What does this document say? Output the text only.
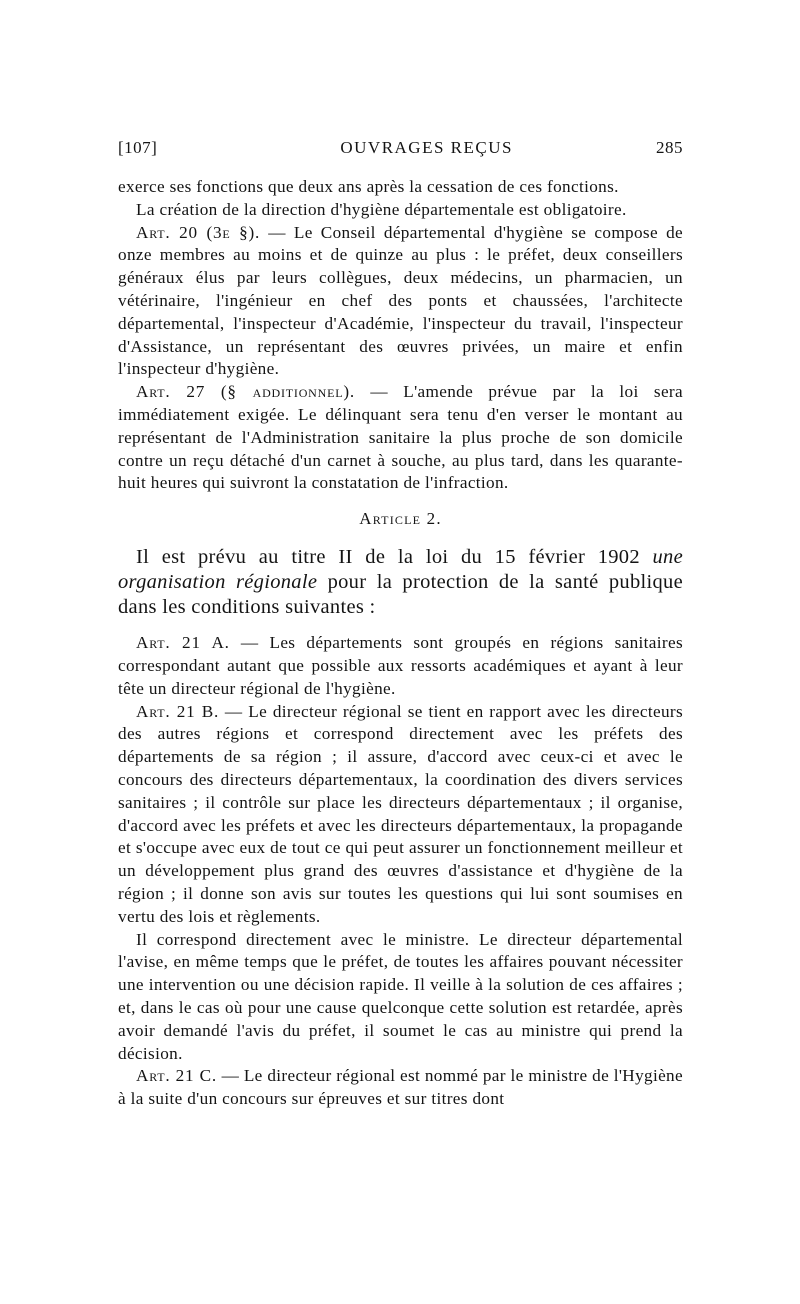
[107]	OUVRAGES REÇUS	285

exerce ses fonctions que deux ans après la cessation de ces fonctions.

La création de la direction d'hygiène départementale est obligatoire.

Art. 20 (3e §). — Le Conseil départemental d'hygiène se compose de onze membres au moins et de quinze au plus : le préfet, deux conseillers généraux élus par leurs collègues, deux médecins, un pharmacien, un vétérinaire, l'ingénieur en chef des ponts et chaussées, l'architecte départemental, l'inspecteur d'Académie, l'inspecteur du travail, l'inspecteur d'Assistance, un représentant des œuvres privées, un maire et enfin l'inspecteur d'hygiène.

Art. 27 (§ additionnel). — L'amende prévue par la loi sera immédiatement exigée. Le délinquant sera tenu d'en verser le montant au représentant de l'Administration sanitaire la plus proche de son domicile contre un reçu détaché d'un carnet à souche, au plus tard, dans les quarante-huit heures qui suivront la constatation de l'infraction.

Article 2.

Il est prévu au titre II de la loi du 15 février 1902 une organisation régionale pour la protection de la santé publique dans les conditions suivantes :

Art. 21 A. — Les départements sont groupés en régions sanitaires correspondant autant que possible aux ressorts académiques et ayant à leur tête un directeur régional de l'hygiène.

Art. 21 B. — Le directeur régional se tient en rapport avec les directeurs des autres régions et correspond directement avec les préfets des départements de sa région ; il assure, d'accord avec ceux-ci et avec le concours des directeurs départementaux, la coordination des divers services sanitaires ; il contrôle sur place les directeurs départementaux ; il organise, d'accord avec les préfets et avec les directeurs départementaux, la propagande et s'occupe avec eux de tout ce qui peut assurer un fonctionnement meilleur et un développement plus grand des œuvres d'assistance et d'hygiène de la région ; il donne son avis sur toutes les questions qui lui sont soumises en vertu des lois et règlements.

Il correspond directement avec le ministre. Le directeur départemental l'avise, en même temps que le préfet, de toutes les affaires pouvant nécessiter une intervention ou une décision rapide. Il veille à la solution de ces affaires ; et, dans le cas où pour une cause quelconque cette solution est retardée, après avoir demandé l'avis du préfet, il soumet le cas au ministre qui prend la décision.

Art. 21 C. — Le directeur régional est nommé par le ministre de l'Hygiène à la suite d'un concours sur épreuves et sur titres dont
